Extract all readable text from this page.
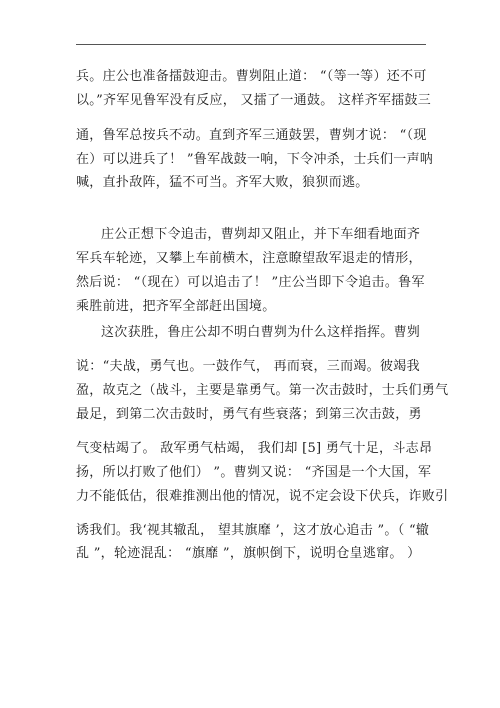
兵。庄公也准备擂鼓迎击。曹刿阻止道： “（等一等）还不可
以。”齐军见鲁军没有反应， 又擂了一通鼓。 这样齐军擂鼓三
通，鲁军总按兵不动。直到齐军三通鼓罢，曹刿才说： “（现
在）可以进兵了！ ”鲁军战鼓一响，下令冲杀，士兵们一声呐
喊，直扑敌阵，猛不可当。齐军大败，狼狈而逃。
庄公正想下令追击，曹刿却又阻止，并下车细看地面齐
军兵车轮迹，又攀上车前横木，注意瞭望敌军退走的情形，
然后说： “（现在）可以追击了！ ”庄公当即下令追击。鲁军
乘胜前进，把齐军全部赶出国境。
这次获胜，鲁庄公却不明白曹刿为什么这样指挥。曹刿
说：“夫战，勇气也。一鼓作气， 再而衰，三而竭。彼竭我
盈，故克之（战斗，主要是靠勇气。第一次击鼓时，士兵们勇气
最足，到第二次击鼓时，勇气有些衰落；到第三次击鼓，勇
气变枯竭了。 敌军勇气枯竭， 我们却 [5] 勇气十足，斗志昂
扬，所以打败了他们） ”。曹刿又说： “齐国是一个大国，军
力不能低估，很难推测出他的情况，说不定会设下伏兵，诈败引
诱我们。我‘视其辙乱， 望其旗靡 ’，这才放心追击 ”。（ “辙
乱 ”，轮迹混乱： “旗靡 ”，旗帜倒下，说明仓皇逃窜。 ）
